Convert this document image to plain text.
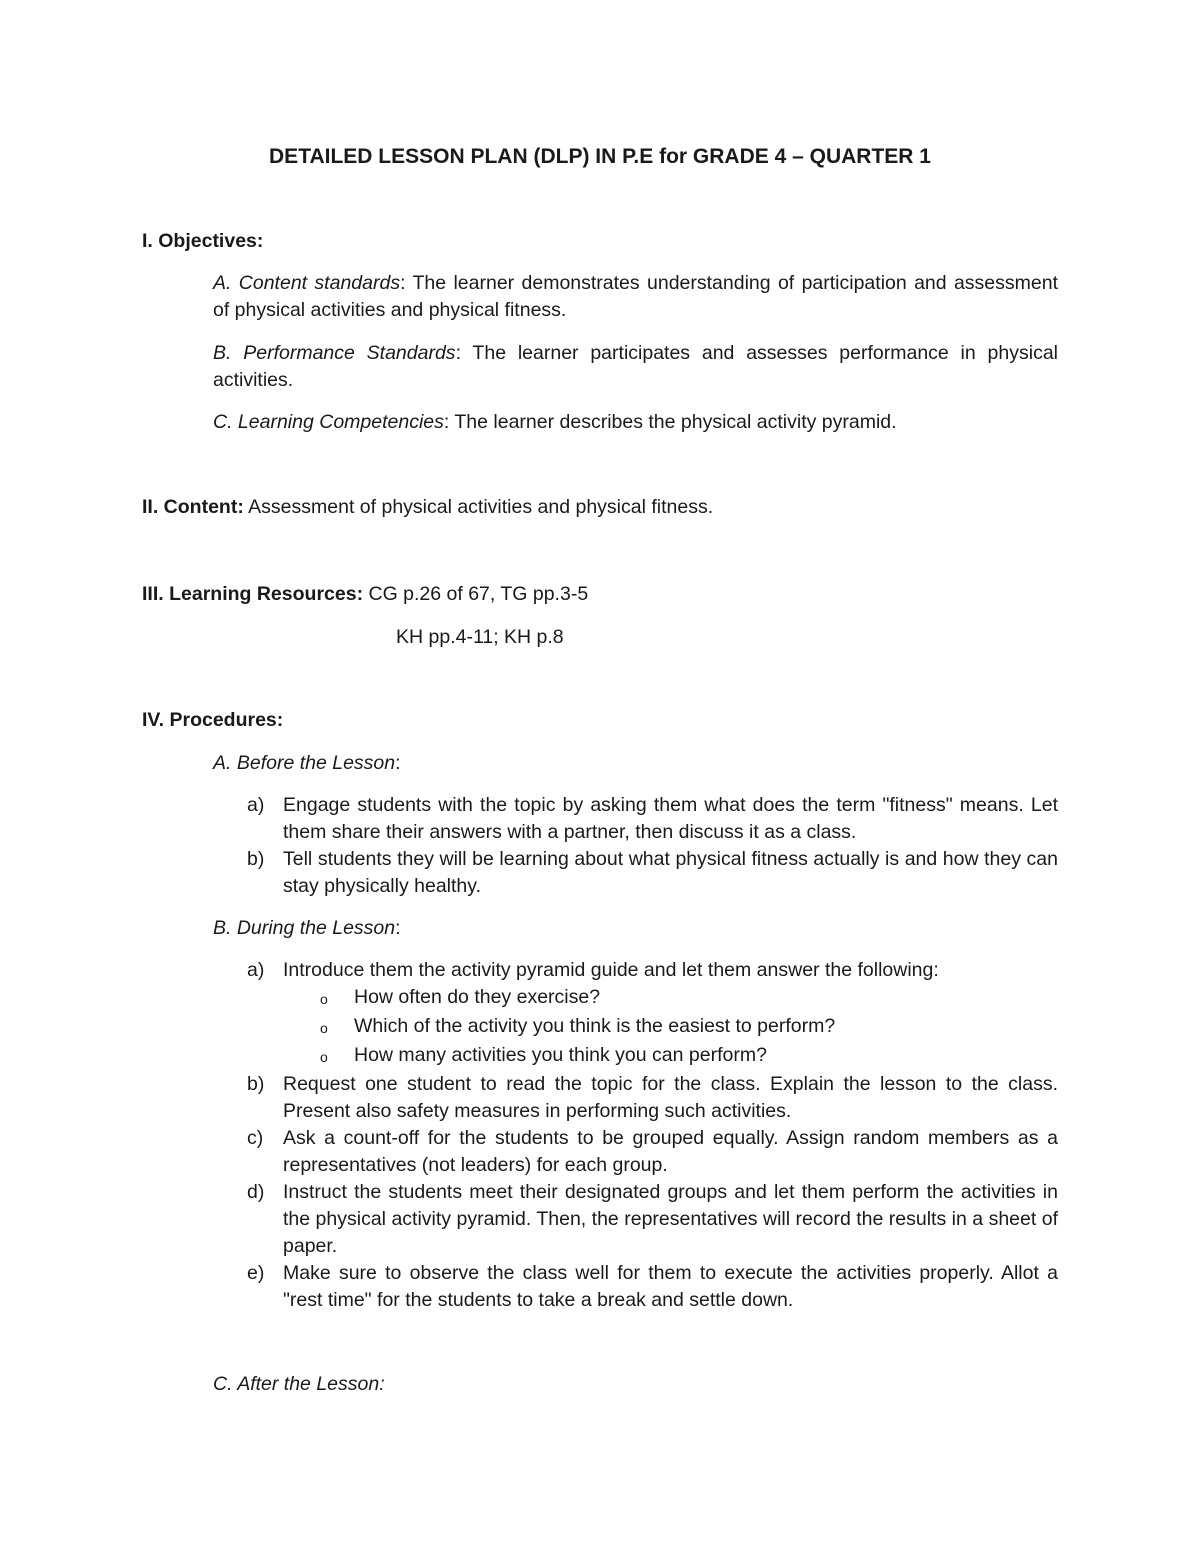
DETAILED LESSON PLAN (DLP) IN P.E for GRADE 4 – QUARTER 1
I. Objectives:
A. Content standards: The learner demonstrates understanding of participation and assessment of physical activities and physical fitness.
B. Performance Standards: The learner participates and assesses performance in physical activities.
C. Learning Competencies: The learner describes the physical activity pyramid.
II. Content: Assessment of physical activities and physical fitness.
III. Learning Resources: CG p.26 of 67, TG pp.3-5
KH pp.4-11; KH p.8
IV. Procedures:
A. Before the Lesson:
a) Engage students with the topic by asking them what does the term "fitness" means. Let them share their answers with a partner, then discuss it as a class.
b) Tell students they will be learning about what physical fitness actually is and how they can stay physically healthy.
B. During the Lesson:
a) Introduce them the activity pyramid guide and let them answer the following:
o How often do they exercise?
o Which of the activity you think is the easiest to perform?
o How many activities you think you can perform?
b) Request one student to read the topic for the class. Explain the lesson to the class. Present also safety measures in performing such activities.
c) Ask a count-off for the students to be grouped equally. Assign random members as a representatives (not leaders) for each group.
d) Instruct the students meet their designated groups and let them perform the activities in the physical activity pyramid. Then, the representatives will record the results in a sheet of paper.
e) Make sure to observe the class well for them to execute the activities properly. Allot a "rest time" for the students to take a break and settle down.
C. After the Lesson:
